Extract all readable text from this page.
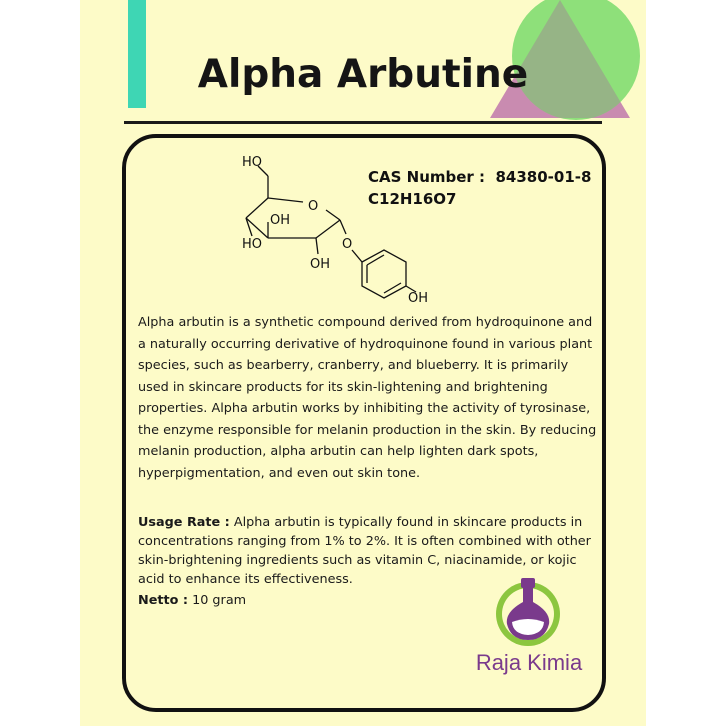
Alpha Arbutine
HO
O
OH
HO
OH
O
OH
CAS Number : 84380-01-8
C12H16O7
Alpha arbutin is a synthetic compound derived from hydroquinone and a naturally occurring derivative of hydroquinone found in various plant species, such as bearberry, cranberry, and blueberry. It is primarily used in skincare products for its skin-lightening and brightening properties. Alpha arbutin works by inhibiting the activity of tyrosinase, the enzyme responsible for melanin production in the skin. By reducing melanin production, alpha arbutin can help lighten dark spots, hyperpigmentation, and even out skin tone.
Usage Rate : Alpha arbutin is typically found in skincare products in concentrations ranging from 1% to 2%. It is often combined with other skin-brightening ingredients such as vitamin C, niacinamide, or kojic acid to enhance its effectiveness.
Netto : 10 gram
Raja Kimia
